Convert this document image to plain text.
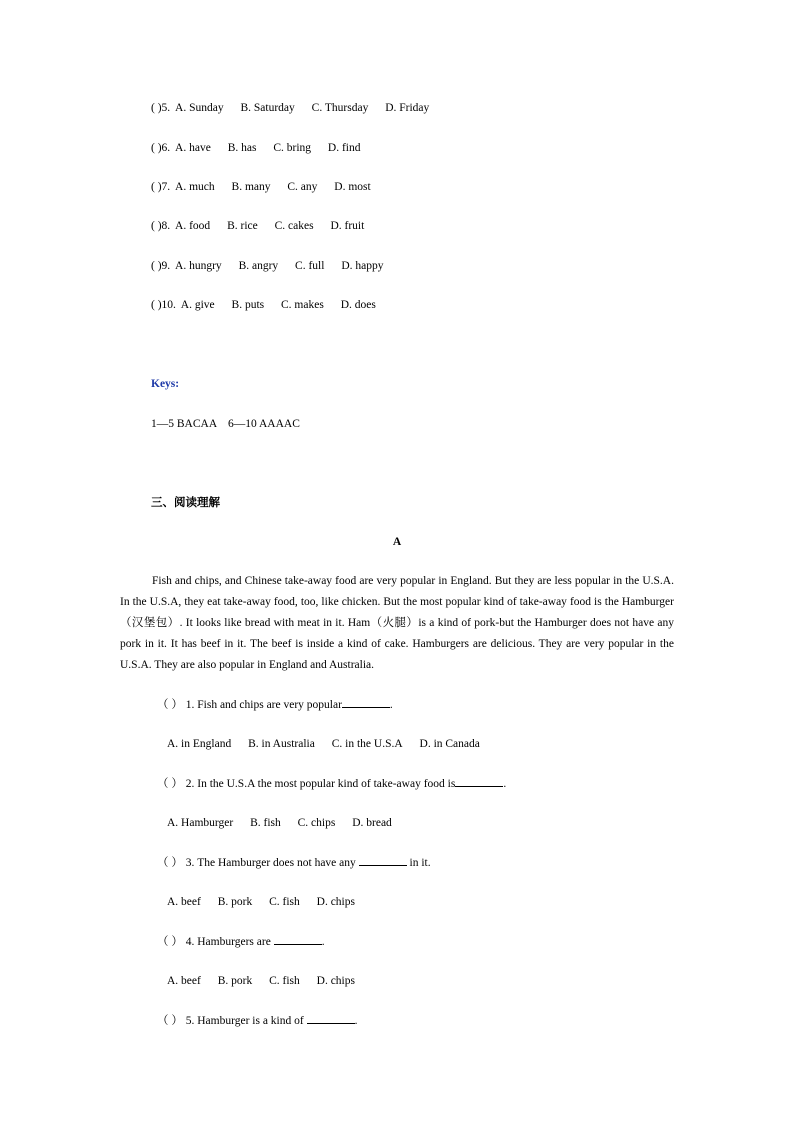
( )5. A. Sunday B. Saturday C. Thursday D. Friday
( )6. A. have B. has C. bring D. find
( )7. A. much B. many C. any D. most
( )8. A. food B. rice C. cakes D. fruit
( )9. A. hungry B. angry C. full D. happy
( )10. A. give B. puts C. makes D. does
Keys:
1—5 BACAA    6—10 AAAAC
三、阅读理解
A
Fish and chips, and Chinese take-away food are very popular in England. But they are less popular in the U.S.A. In the U.S.A, they eat take-away food, too, like chicken. But the most popular kind of take-away food is the Hamburger（汉堡包）. It looks like bread with meat in it. Ham（火腿）is a kind of pork-but the Hamburger does not have any pork in it. It has beef in it. The beef is inside a kind of cake. Hamburgers are delicious. They are very popular in the U.S.A. They are also popular in England and Australia.
（ ） 1. Fish and chips are very popular	.
A. in England B. in Australia C. in the U.S.A D. in Canada
（ ） 2. In the U.S.A the most popular kind of take-away food is	.
A. Hamburger B. fish C. chips D. bread
（ ） 3. The Hamburger does not have any	in it.
A. beef B. pork C. fish D. chips
（ ） 4. Hamburgers are	.
A. beef B. pork C. fish D. chips
（ ） 5. Hamburger is a kind of	.
